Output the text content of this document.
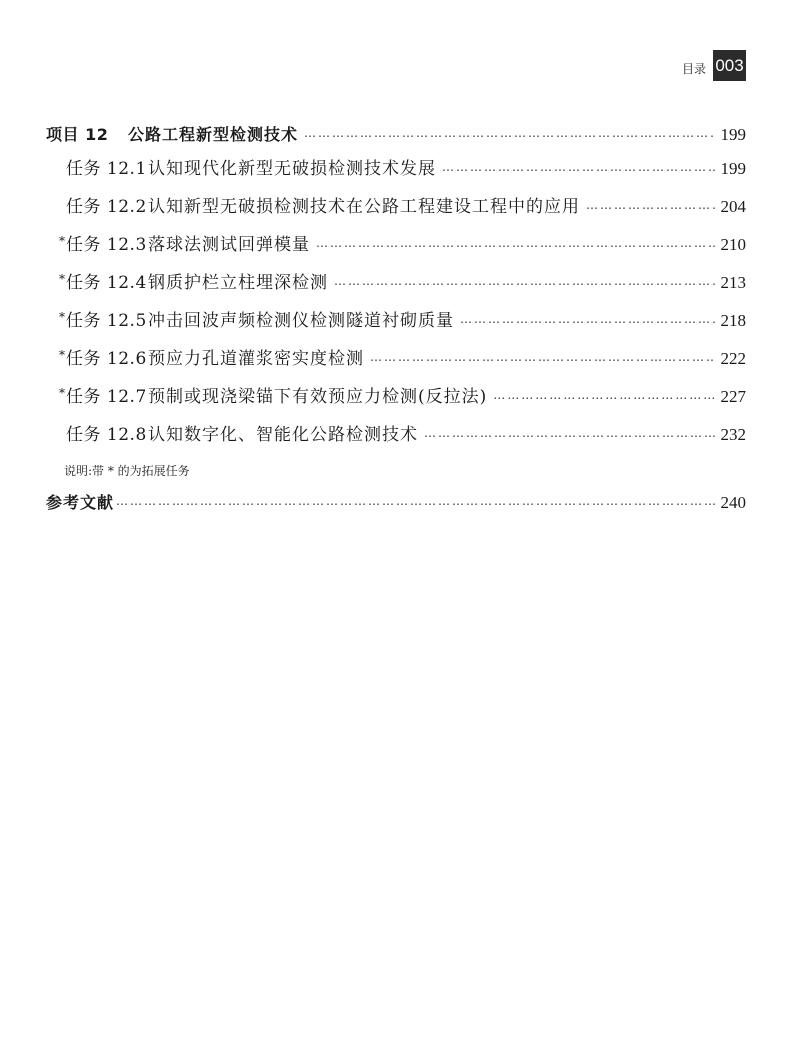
目录 003
项目 12	公路工程新型检测技术 ……………………………………………………………………………………………………………………………………………………………………	199
任务 12.1 认知现代化新型无破损检测技术发展 ……………………………………………………………………………………………………………………………………………………………………	199
任务 12.2 认知新型无破损检测技术在公路工程建设工程中的应用 ……………………………………………………………………………………………………………………………………………………………………	204
* 任务 12.3 落球法测试回弹模量 ……………………………………………………………………………………………………………………………………………………………………	210
* 任务 12.4 钢质护栏立柱埋深检测 ……………………………………………………………………………………………………………………………………………………………………	213
* 任务 12.5 冲击回波声频检测仪检测隧道衬砌质量 ……………………………………………………………………………………………………………………………………………………………………	218
* 任务 12.6 预应力孔道灌浆密实度检测 ……………………………………………………………………………………………………………………………………………………………………	222
* 任务 12.7 预制或现浇梁锚下有效预应力检测(反拉法) ……………………………………………………………………………………………………………………………………………………………………	227
任务 12.8 认知数字化、智能化公路检测技术 ……………………………………………………………………………………………………………………………………………………………………	232
说明:带 * 的为拓展任务
参考文献 ……………………………………………………………………………………………………………………………………………………………………	240
